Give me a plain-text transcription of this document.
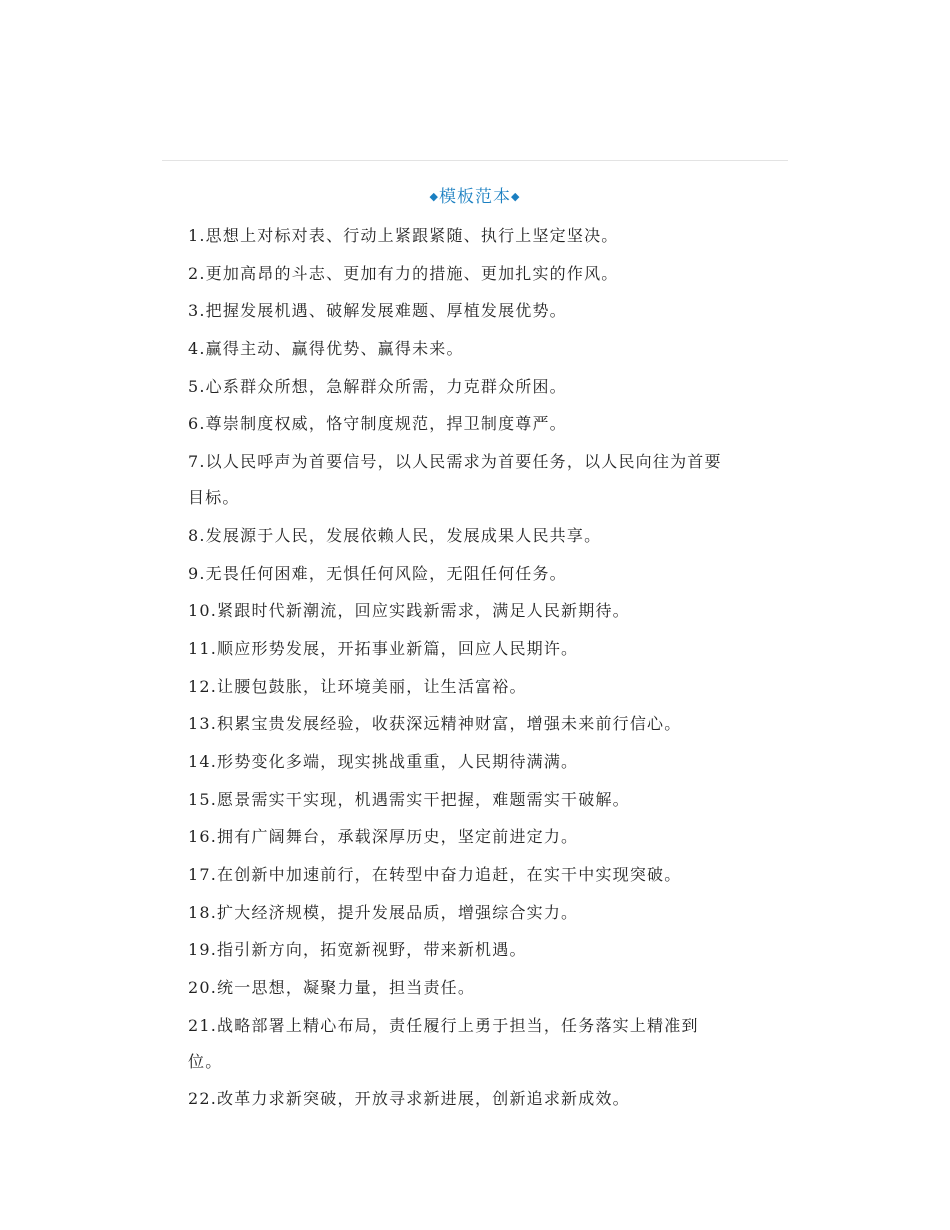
◆模板范本◆
1.思想上对标对表、行动上紧跟紧随、执行上坚定坚决。
2.更加高昂的斗志、更加有力的措施、更加扎实的作风。
3.把握发展机遇、破解发展难题、厚植发展优势。
4.赢得主动、赢得优势、赢得未来。
5.心系群众所想，急解群众所需，力克群众所困。
6.尊崇制度权威，恪守制度规范，捍卫制度尊严。
7.以人民呼声为首要信号，以人民需求为首要任务，以人民向往为首要
目标。
8.发展源于人民，发展依赖人民，发展成果人民共享。
9.无畏任何困难，无惧任何风险，无阻任何任务。
10.紧跟时代新潮流，回应实践新需求，满足人民新期待。
11.顺应形势发展，开拓事业新篇，回应人民期许。
12.让腰包鼓胀，让环境美丽，让生活富裕。
13.积累宝贵发展经验，收获深远精神财富，增强未来前行信心。
14.形势变化多端，现实挑战重重，人民期待满满。
15.愿景需实干实现，机遇需实干把握，难题需实干破解。
16.拥有广阔舞台，承载深厚历史，坚定前进定力。
17.在创新中加速前行，在转型中奋力追赶，在实干中实现突破。
18.扩大经济规模，提升发展品质，增强综合实力。
19.指引新方向，拓宽新视野，带来新机遇。
20.统一思想，凝聚力量，担当责任。
21.战略部署上精心布局，责任履行上勇于担当，任务落实上精准到
位。
22.改革力求新突破，开放寻求新进展，创新追求新成效。
